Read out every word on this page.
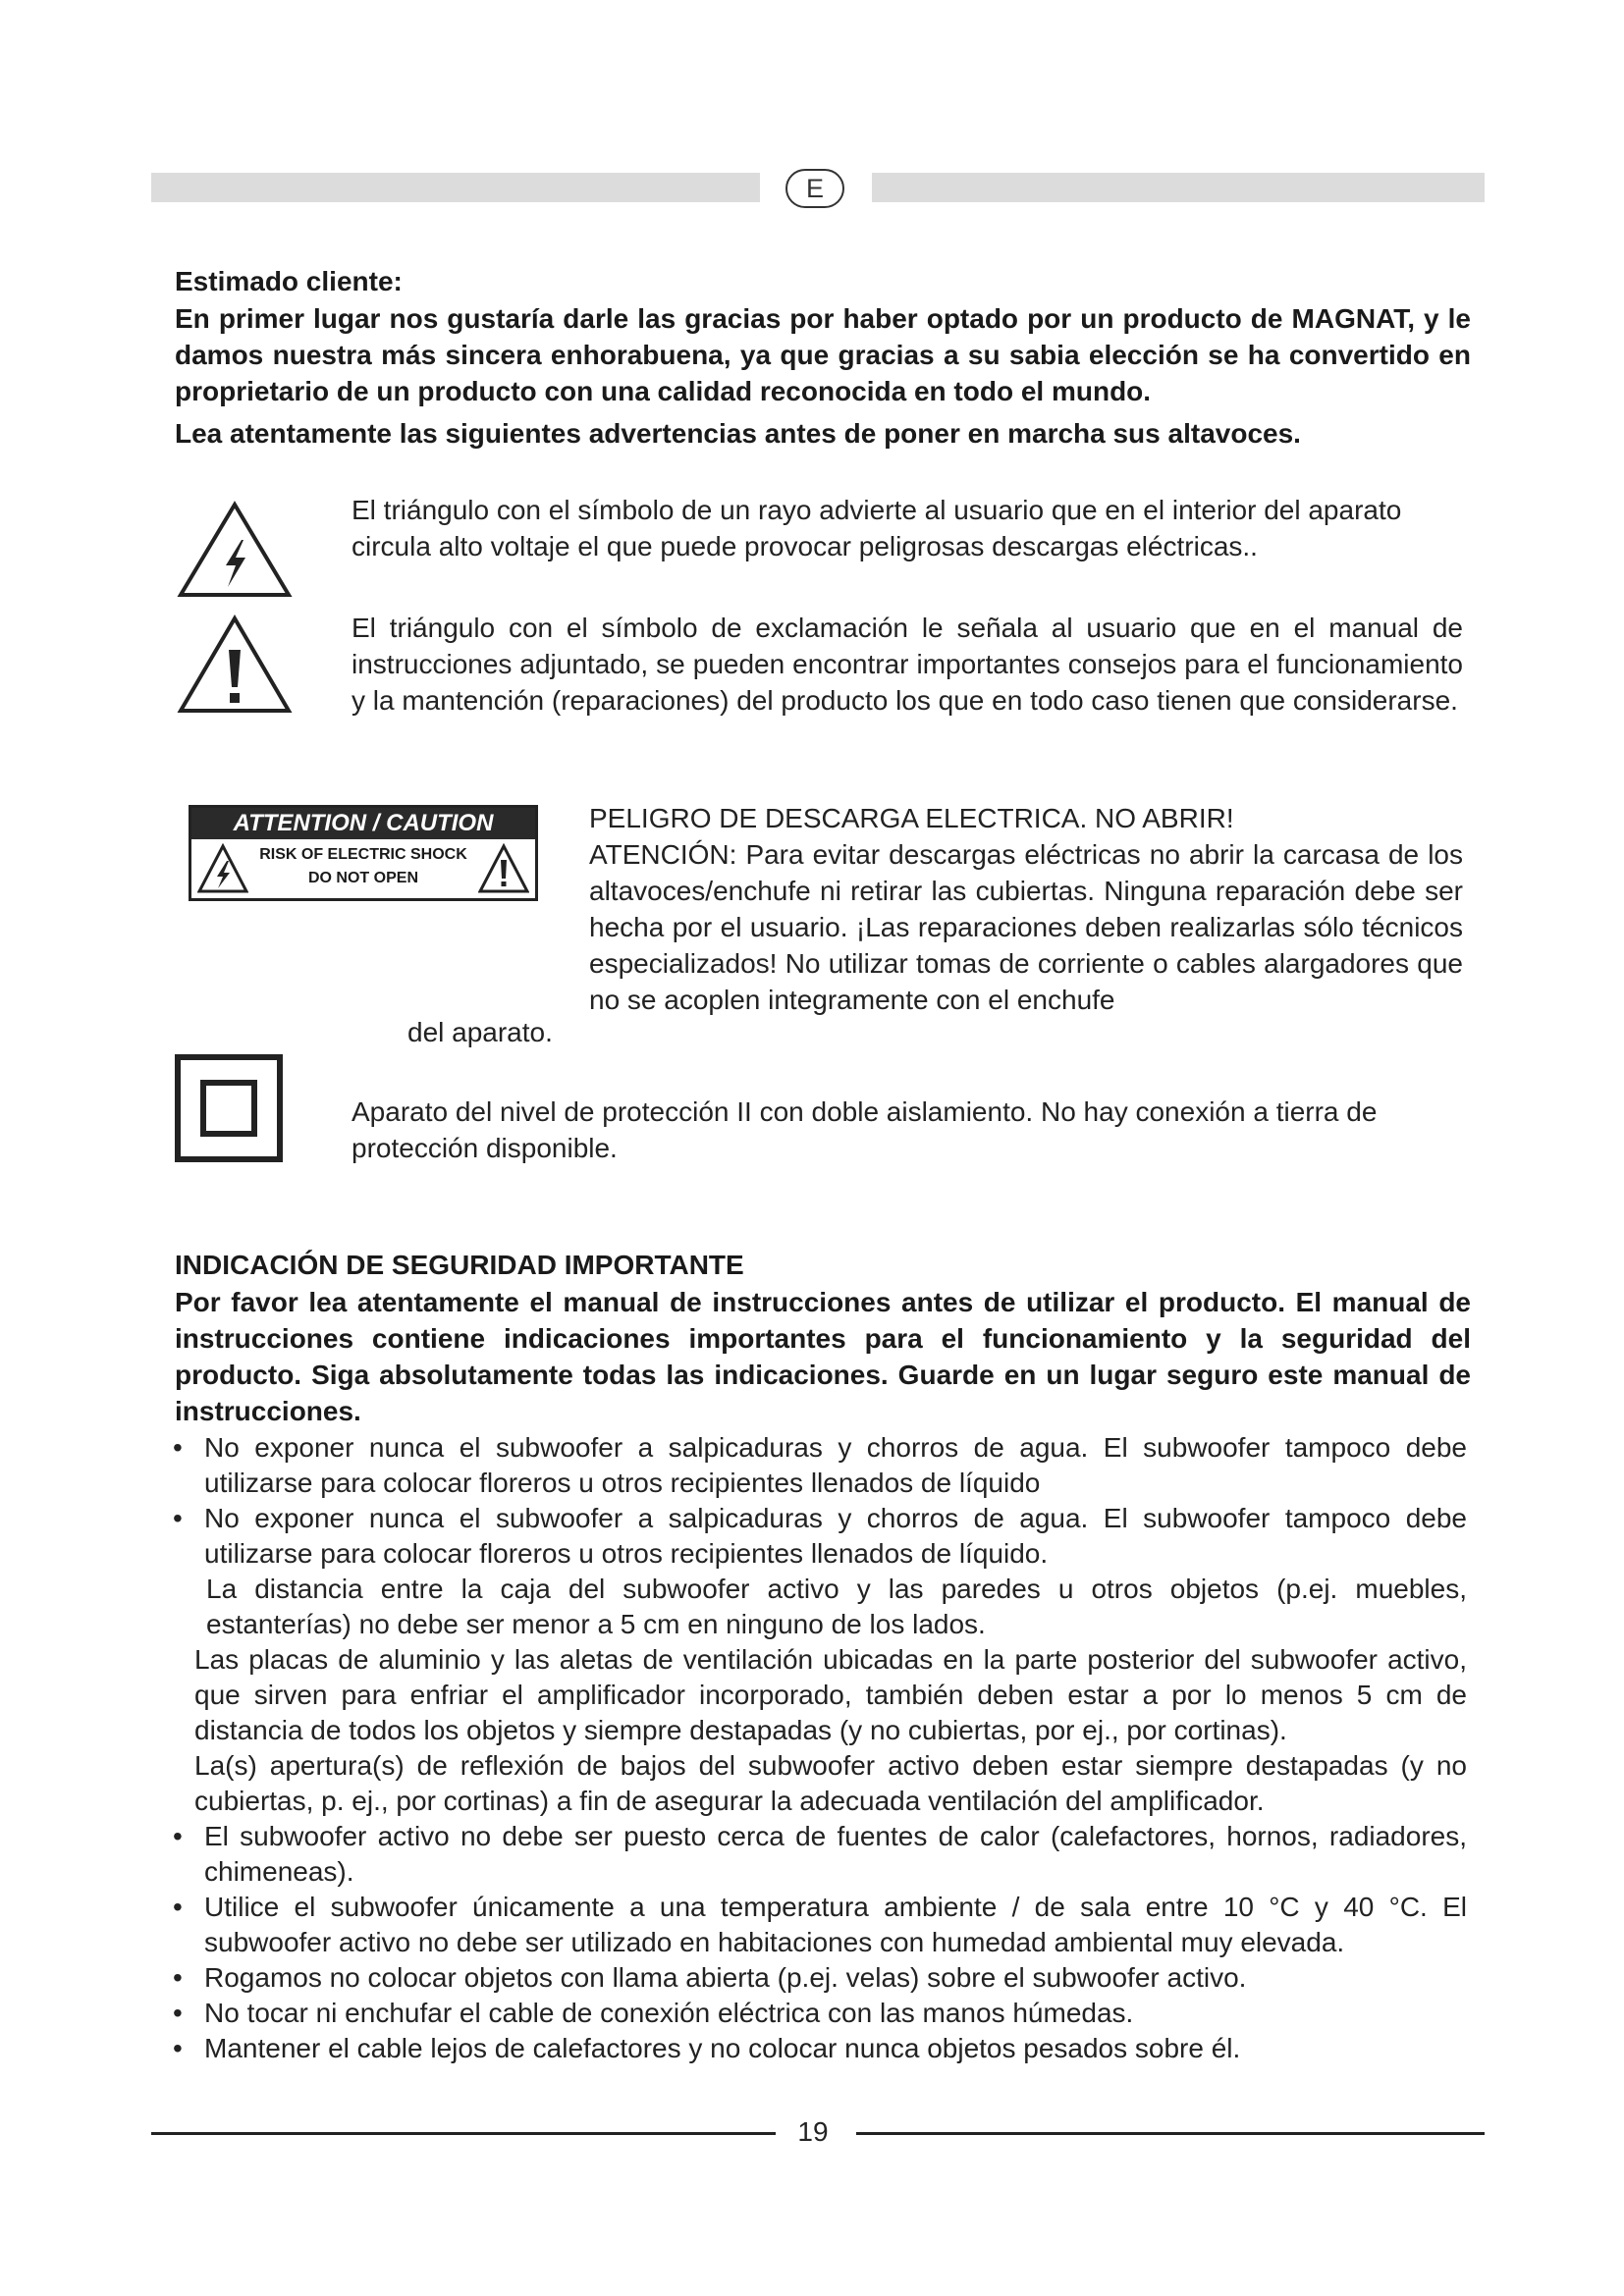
E
Estimado cliente:
En primer lugar nos gustaría darle las gracias por haber optado por un producto de MAGNAT, y le damos nuestra más sincera enhorabuena, ya que gracias a su sabia elección se ha convertido en proprietario de un producto con una calidad reconocida en todo el mundo.
Lea atentamente las siguientes advertencias antes de poner en marcha sus altavoces.
El triángulo con el símbolo de un rayo advierte al usuario que en el interior del aparato circula alto voltaje el que puede provocar peligrosas descargas eléctricas..
El triángulo con el símbolo de exclamación le señala al usuario que en el manual de instrucciones adjuntado, se pueden encontrar importantes consejos para el funcionamiento y la mantención (reparaciones) del producto los que en todo caso tienen que considerarse.
ATTENTION / CAUTION
RISK OF ELECTRIC SHOCK
DO NOT OPEN
PELIGRO DE DESCARGA ELECTRICA. NO ABRIR!
ATENCIÓN: Para evitar descargas eléctricas no abrir la carcasa de los altavoces/enchufe ni retirar las cubiertas. Ninguna reparación debe ser hecha por el usuario. ¡Las reparaciones deben realizarlas sólo técnicos especializados! No utilizar tomas de corriente o cables alargadores que no se acoplen integramente con el enchufe
del aparato.
Aparato del nivel de protección II con doble aislamiento. No hay conexión a tierra de protección disponible.
INDICACIÓN DE SEGURIDAD IMPORTANTE
Por favor lea atentamente el manual de instrucciones antes de utilizar el producto. El manual de instrucciones contiene indicaciones importantes para el funcionamiento y la seguridad del producto. Siga absolutamente todas las indicaciones. Guarde en un lugar seguro este manual de instrucciones.
• No exponer nunca el subwoofer a salpicaduras y chorros de agua. El subwoofer tampoco debe utilizarse para colocar floreros u otros recipientes llenados de líquido
• No exponer nunca el subwoofer a salpicaduras y chorros de agua. El subwoofer tampoco debe utilizarse para colocar floreros u otros recipientes llenados de líquido.
La distancia entre la caja del subwoofer activo y las paredes u otros objetos (p.ej. muebles, estanterías) no debe ser menor a 5 cm en ninguno de los lados.
Las placas de aluminio y las aletas de ventilación ubicadas en la parte posterior del subwoofer activo, que sirven para enfriar el amplificador incorporado, también deben estar a por lo menos 5 cm de distancia de todos los objetos y siempre destapadas (y no cubiertas, por ej., por cortinas).
La(s) apertura(s) de reflexión de bajos del subwoofer activo deben estar siempre destapadas (y no cubiertas, p. ej., por cortinas) a fin de asegurar la adecuada ventilación del amplificador.
• El subwoofer activo no debe ser puesto cerca de fuentes de calor (calefactores, hornos, radiadores, chimeneas).
• Utilice el subwoofer únicamente a una temperatura ambiente / de sala entre 10 °C y 40 °C. El subwoofer activo no debe ser utilizado en habitaciones con humedad ambiental muy elevada.
• Rogamos no colocar objetos con llama abierta (p.ej. velas) sobre el subwoofer activo.
• No tocar ni enchufar el cable de conexión eléctrica con las manos húmedas.
• Mantener el cable lejos de calefactores y no colocar nunca objetos pesados sobre él.
19
